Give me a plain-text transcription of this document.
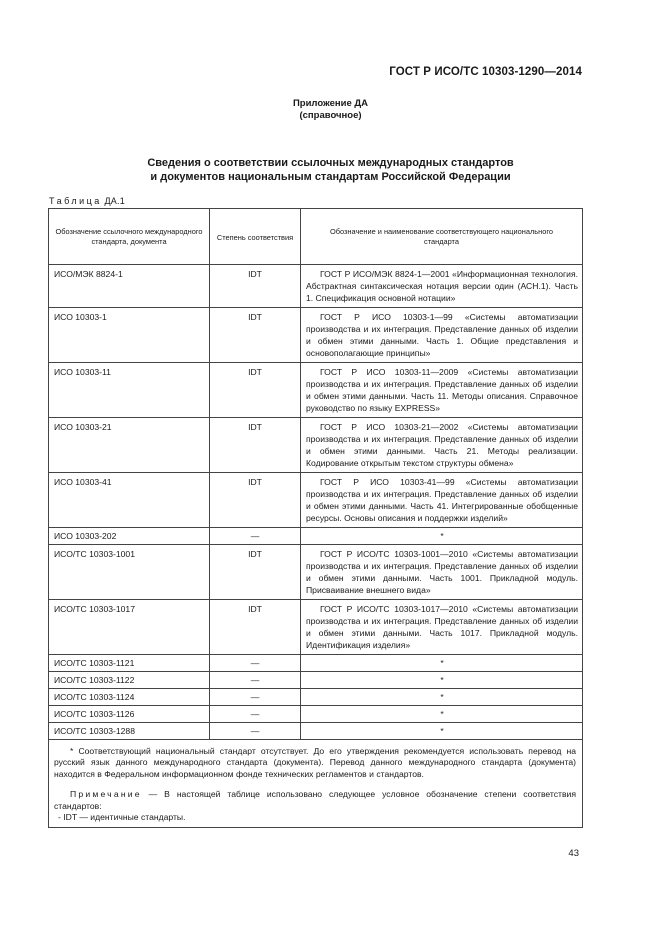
ГОСТ Р ИСО/ТС 10303-1290—2014
Приложение ДА
(справочное)
Сведения о соответствии ссылочных международных стандартов
и документов национальным стандартам Российской Федерации
Таблица ДА.1
Обозначение ссылочного международного стандарта, документа	Степень соответствия	Обозначение и наименование соответствующего национального стандарта
ИСО/МЭК 8824-1	IDT	ГОСТ Р ИСО/МЭК 8824-1—2001 «Информационная технология. Абстрактная синтаксическая нотация версии один (АСН.1). Часть 1. Спецификация основной нотации»
ИСО 10303-1	IDT	ГОСТ Р ИСО 10303-1—99 «Системы автоматизации производства и их интеграция. Представление данных об изделии и обмен этими данными. Часть 1. Общие представления и основополагающие принципы»
ИСО 10303-11	IDT	ГОСТ Р ИСО 10303-11—2009 «Системы автоматизации производства и их интеграция. Представление данных об изделии и обмен этими данными. Часть 11. Методы описания. Справочное руководство по языку EXPRESS»
ИСО 10303-21	IDT	ГОСТ Р ИСО 10303-21—2002 «Системы автоматизации производства и их интеграция. Представление данных об изделии и обмен этими данными. Часть 21. Методы реализации. Кодирование открытым текстом структуры обмена»
ИСО 10303-41	IDT	ГОСТ Р ИСО 10303-41—99 «Системы автоматизации производства и их интеграция. Представление данных об изделии и обмен этими данными. Часть 41. Интегрированные обобщенные ресурсы. Основы описания и поддержки изделий»
ИСО 10303-202	—	*
ИСО/ТС 10303-1001	IDT	ГОСТ Р ИСО/ТС 10303-1001—2010 «Системы автоматизации производства и их интеграция. Представление данных об изделии и обмен этими данными. Часть 1001. Прикладной модуль. Присваивание внешнего вида»
ИСО/ТС 10303-1017	IDT	ГОСТ Р ИСО/ТС 10303-1017—2010 «Системы автоматизации производства и их интеграция. Представление данных об изделии и обмен этими данными. Часть 1017. Прикладной модуль. Идентификация изделия»
ИСО/ТС 10303-1121	—	*
ИСО/ТС 10303-1122	—	*
ИСО/ТС 10303-1124	—	*
ИСО/ТС 10303-1126	—	*
ИСО/ТС 10303-1288	—	*

* Соответствующий национальный стандарт отсутствует. До его утверждения рекомендуется использовать перевод на русский язык данного международного стандарта (документа). Перевод данного международного стандарта (документа) находится в Федеральном информационном фонде технических регламентов и стандартов.

Примечание — В настоящей таблице использовано следующее условное обозначение степени соответствия стандартов:

- IDT — идентичные стандарты.		

43
